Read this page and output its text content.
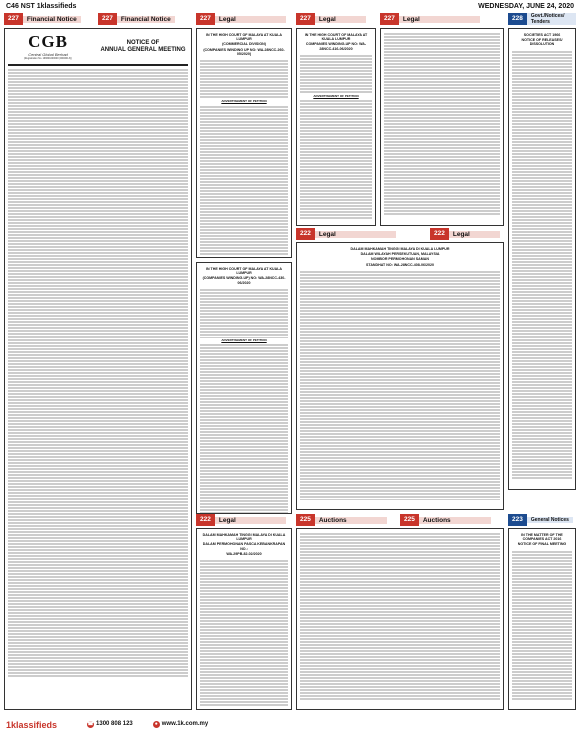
C46 NST 1klassifieds	WEDNESDAY, JUNE 24, 2020
227	Financial Notice	227	Financial Notice	227	Legal	227	Legal	227	Legal	228	Govt./Notices/ Tenders
CGB
Central Global Berhad
(Registration No. 199601000000 (000000-X))
NOTICE OF
ANNUAL GENERAL MEETING
IN THE HIGH COURT OF MALAYA AT KUALA LUMPUR
(COMMERCIAL DIVISION)
(COMPANIES WINDING UP NO: WA-28NCC-260-05/2020)
ADVERTISEMENT OF PETITION
IN THE HIGH COURT OF MALAYA AT KUALA LUMPUR
(COMPANIES WINDING-UP) NO: WA-28NCC-430-06/2020
ADVERTISEMENT OF PETITION
IN THE HIGH COURT OF MALAYA AT KUALA LUMPUR
COMPANIES WINDING-UP NO: WA-28NCC-416-06/2020
ADVERTISEMENT OF PETITION
222	Legal	222	Legal
DALAM MAHKAMAH TINGGI MALAYA DI KUALA LUMPUR
DALAM WILAYAH PERSEKUTUAN, MALAYSIA
NOMBOR PERMOHONAN SAMAN
STANDHAT NO: WA-28NCC-408-06/2020
SOCIETIES ACT 1966
NOTICE OF RELEASES/ DISSOLUTION
222	Legal	225	Auctions	225	Auctions	223	General Notices
DALAM MAHKAMAH TINGGI MALAYA DI KUALA LUMPUR
DALAM PERMOHONAN PASCA KEBANKRAPAN NO.:
WA-29PB-82-02/2020
IN THE MATTER OF THE COMPANIES ACT 2016
NOTICE OF FINAL MEETING
1klassifieds	☎ 1300 808 123	● www.1k.com.my
